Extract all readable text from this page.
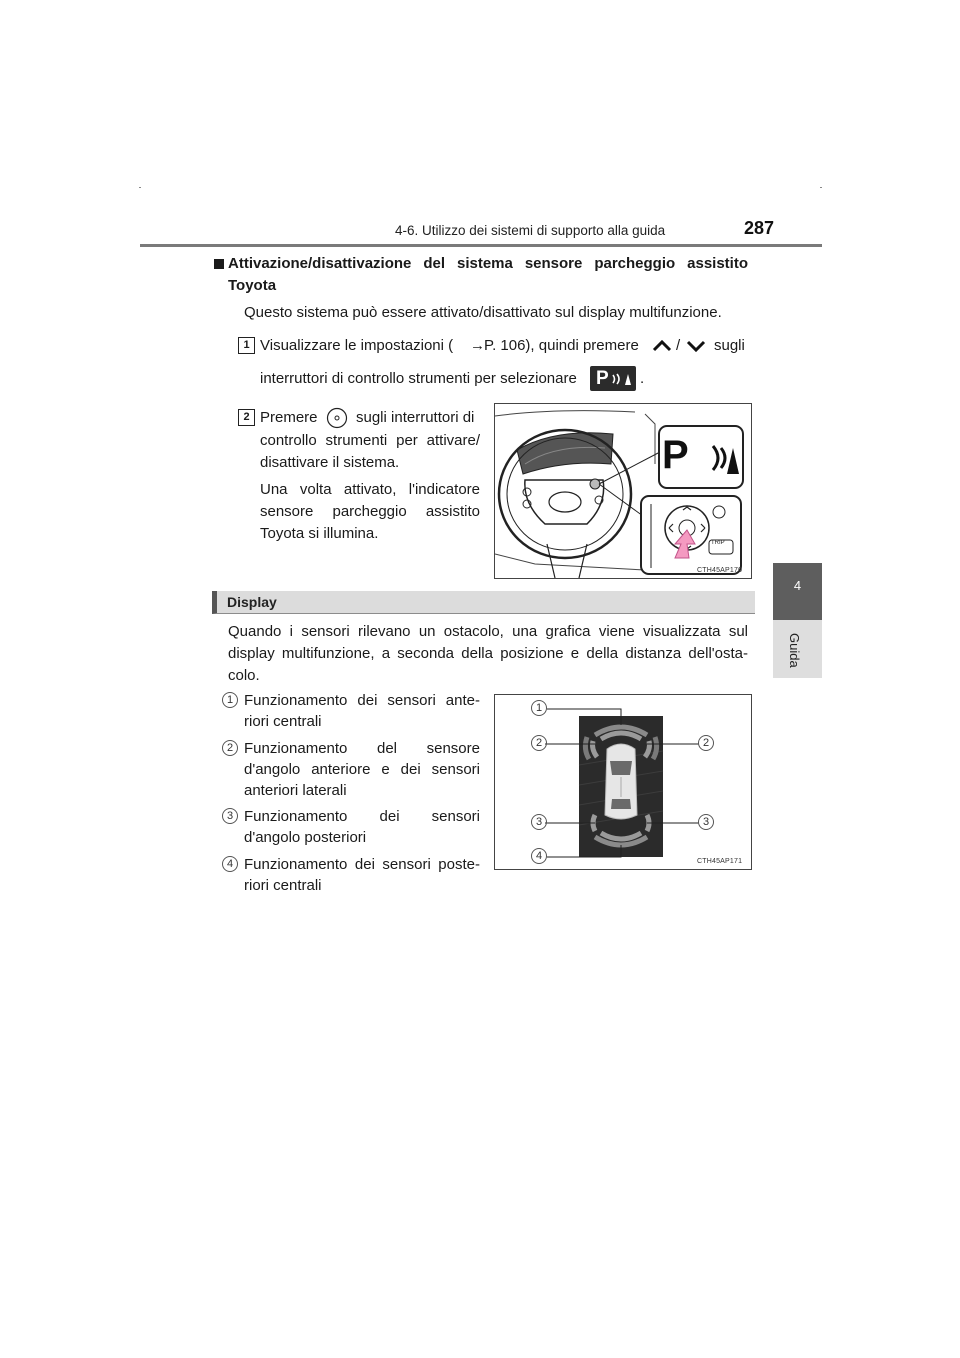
4-6. Utilizzo dei sistemi di supporto alla guida	287
4
Guida
Attivazione/disattivazione del sistema sensore parcheggio assistito Toyota
Questo sistema può essere attivato/disattivato sul display multifunzione.
1 Visualizzare le impostazioni ( → P. 106), quindi premere / sugli
interruttori di controllo strumenti per selezionare P .
2 Premere	sugli interruttori di
controllo strumenti per attivare/
disattivare il sistema.
Una volta attivato, l'indicatore
sensore parcheggio assistito
Toyota si illumina.
P
TRIP
CTH45AP170
Display
Quando i sensori rilevano un ostacolo, una grafica viene visualizzata sul
display multifunzione, a seconda della posizione e della distanza dell'osta-
colo.
1 Funzionamento dei sensori ante-
riori centrali
2 Funzionamento del sensore
d'angolo anteriore e dei sensori
anteriori laterali
3 Funzionamento dei sensori
d'angolo posteriori
4 Funzionamento dei sensori poste-
riori centrali
1
2	2
3	3
4	CTH45AP171
